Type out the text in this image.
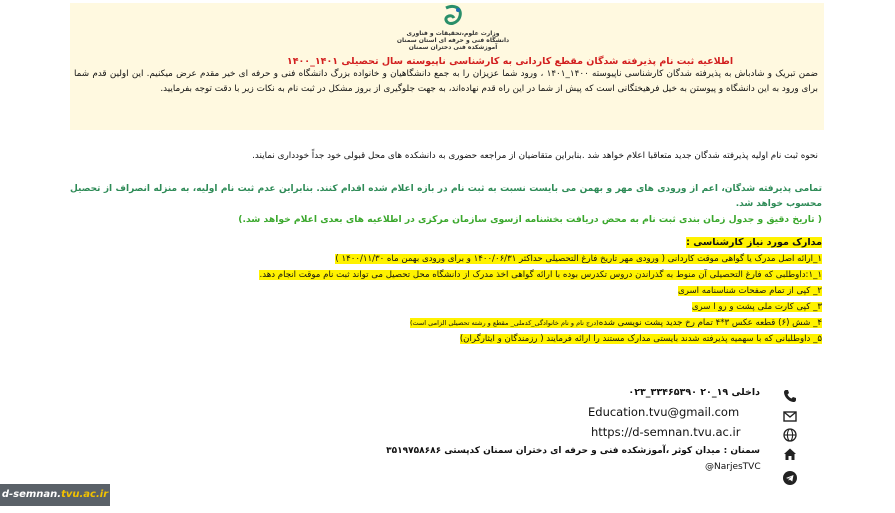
وزارت علوم،تحقیقات و فناوری
دانشگاه فنی و حرفه ای استان سمنان
آموزشکده فنی دختران سمنان
اطلاعیه ثبت نام پذیرفته شدگان مقطع کاردانی به کارشناسی ناپیوسته سال تحصیلی ۱۴۰۱_۱۴۰۰
ضمن تبریک و شادباش به پذیرفته شدگان کارشناسی ناپیوسته ۱۴۰۰_۱۴۰۱ ، ورود شما عزیزان را به جمع دانشگاهیان و خانواده بزرگ دانشگاه فنی و حرفه ای خیر مقدم عرض میکنیم. این اولین قدم شما برای ورود به این دانشگاه و پیوستن به خیل فرهیختگانی است که پیش از شما در این راه قدم نهاده‌اند، به جهت جلوگیری از بروز مشکل در ثبت نام به نکات زیر با دقت توجه بفرمایید.
نحوه ثبت نام اولیه پذیرفته شدگان جدید متعاقبا اعلام خواهد شد .بنابراین متقاضیان از مراجعه حضوری به دانشکده های محل قبولی خود جداً خودداری نمایند.
تمامی پذیرفته شدگان، اعم از ورودی های مهر و بهمن می بایست نسبت به ثبت نام در بازه اعلام شده اقدام کنند. بنابراین عدم ثبت نام اولیه، به منزله انصراف از تحصیل محسوب خواهد شد.
( تاریخ دقیق و جدول زمان بندی ثبت نام به محض دریافت بخشنامه ازسوی سازمان مرکزی در اطلاعیه های بعدی اعلام خواهد شد.)
مدارک مورد نیاز کارشناسی :
۱_ارائه اصل مدرک یا گواهی موقت کاردانی ( ورودی مهر تاریخ فارغ التحصیلی حداکثر ۱۴۰۰/۰۶/۳۱ و برای ورودی بهمن ماه ۱۴۰۰/۱۱/۳۰ )
۱_۱:داوطلبی که فارغ التحصیلی آن منوط به گذراندن دروس تکدرس بوده با ارائه گواهی اخذ مدرک از دانشگاه محل تحصیل می تواند ثبت نام موقت انجام دهد.
۲_ کپی از تمام صفحات شناسنامه اسری
۳_ کپی کارت ملی پشت و رو ا سری
۴_ شش (۶) قطعه عکس ۳*۴ تمام رخ جدید پشت نویسی شده(درج نام و نام خانوادگی_کدملی_ مقطع و رشته تحصیلی الزامی است)
۵_ داوطلبانی که با سهمیه پذیرفته شدند بایستی مدارک مستند را ارائه فرمایند ( رزمندگان و ایثارگران)
۰۲۳_۳۳۴۶۵۳۹۰ داخلی ۱۹_۲۰
Education.tvu@gmail.com
https://d-semnan.tvu.ac.ir
سمنان : میدان کوثر ،آموزشکده فنی و حرفه ای دختران سمنان کدپستی ۳۵۱۹۷۵۸۶۸۶
@NarjesTVC
d-semnan.tvu.ac.ir
